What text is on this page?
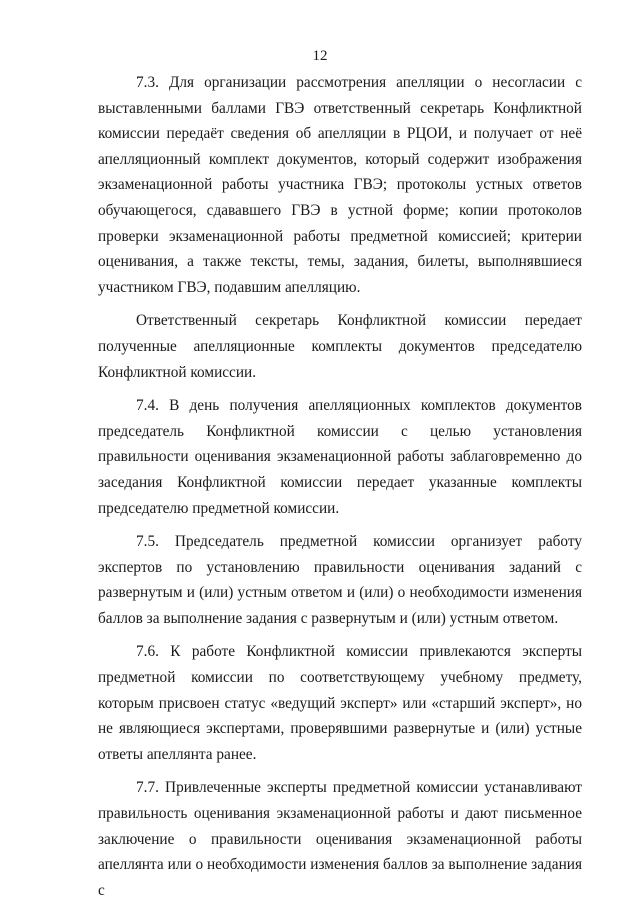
12

7.3. Для организации рассмотрения апелляции о несогласии с выставленными баллами ГВЭ ответственный секретарь Конфликтной комиссии передаёт сведения об апелляции в РЦОИ, и получает от неё апелляционный комплект документов, который содержит изображения экзаменационной работы участника ГВЭ; протоколы устных ответов обучающегося, сдававшего ГВЭ в устной форме; копии протоколов проверки экзаменационной работы предметной комиссией; критерии оценивания, а также тексты, темы, задания, билеты, выполнявшиеся участником ГВЭ, подавшим апелляцию.

Ответственный секретарь Конфликтной комиссии передает полученные апелляционные комплекты документов председателю Конфликтной комиссии.

7.4. В день получения апелляционных комплектов документов председатель Конфликтной комиссии с целью установления правильности оценивания экзаменационной работы заблаговременно до заседания Конфликтной комиссии передает указанные комплекты председателю предметной комиссии.

7.5. Председатель предметной комиссии организует работу экспертов по установлению правильности оценивания заданий с развернутым и (или) устным ответом и (или) о необходимости изменения баллов за выполнение задания с развернутым и (или) устным ответом.

7.6. К работе Конфликтной комиссии привлекаются эксперты предметной комиссии по соответствующему учебному предмету, которым присвоен статус «ведущий эксперт» или «старший эксперт», но не являющиеся экспертами, проверявшими развернутые и (или) устные ответы апеллянта ранее.

7.7. Привлеченные эксперты предметной комиссии устанавливают правильность оценивания экзаменационной работы и дают письменное заключение о правильности оценивания экзаменационной работы апеллянта или о необходимости изменения баллов за выполнение задания с
